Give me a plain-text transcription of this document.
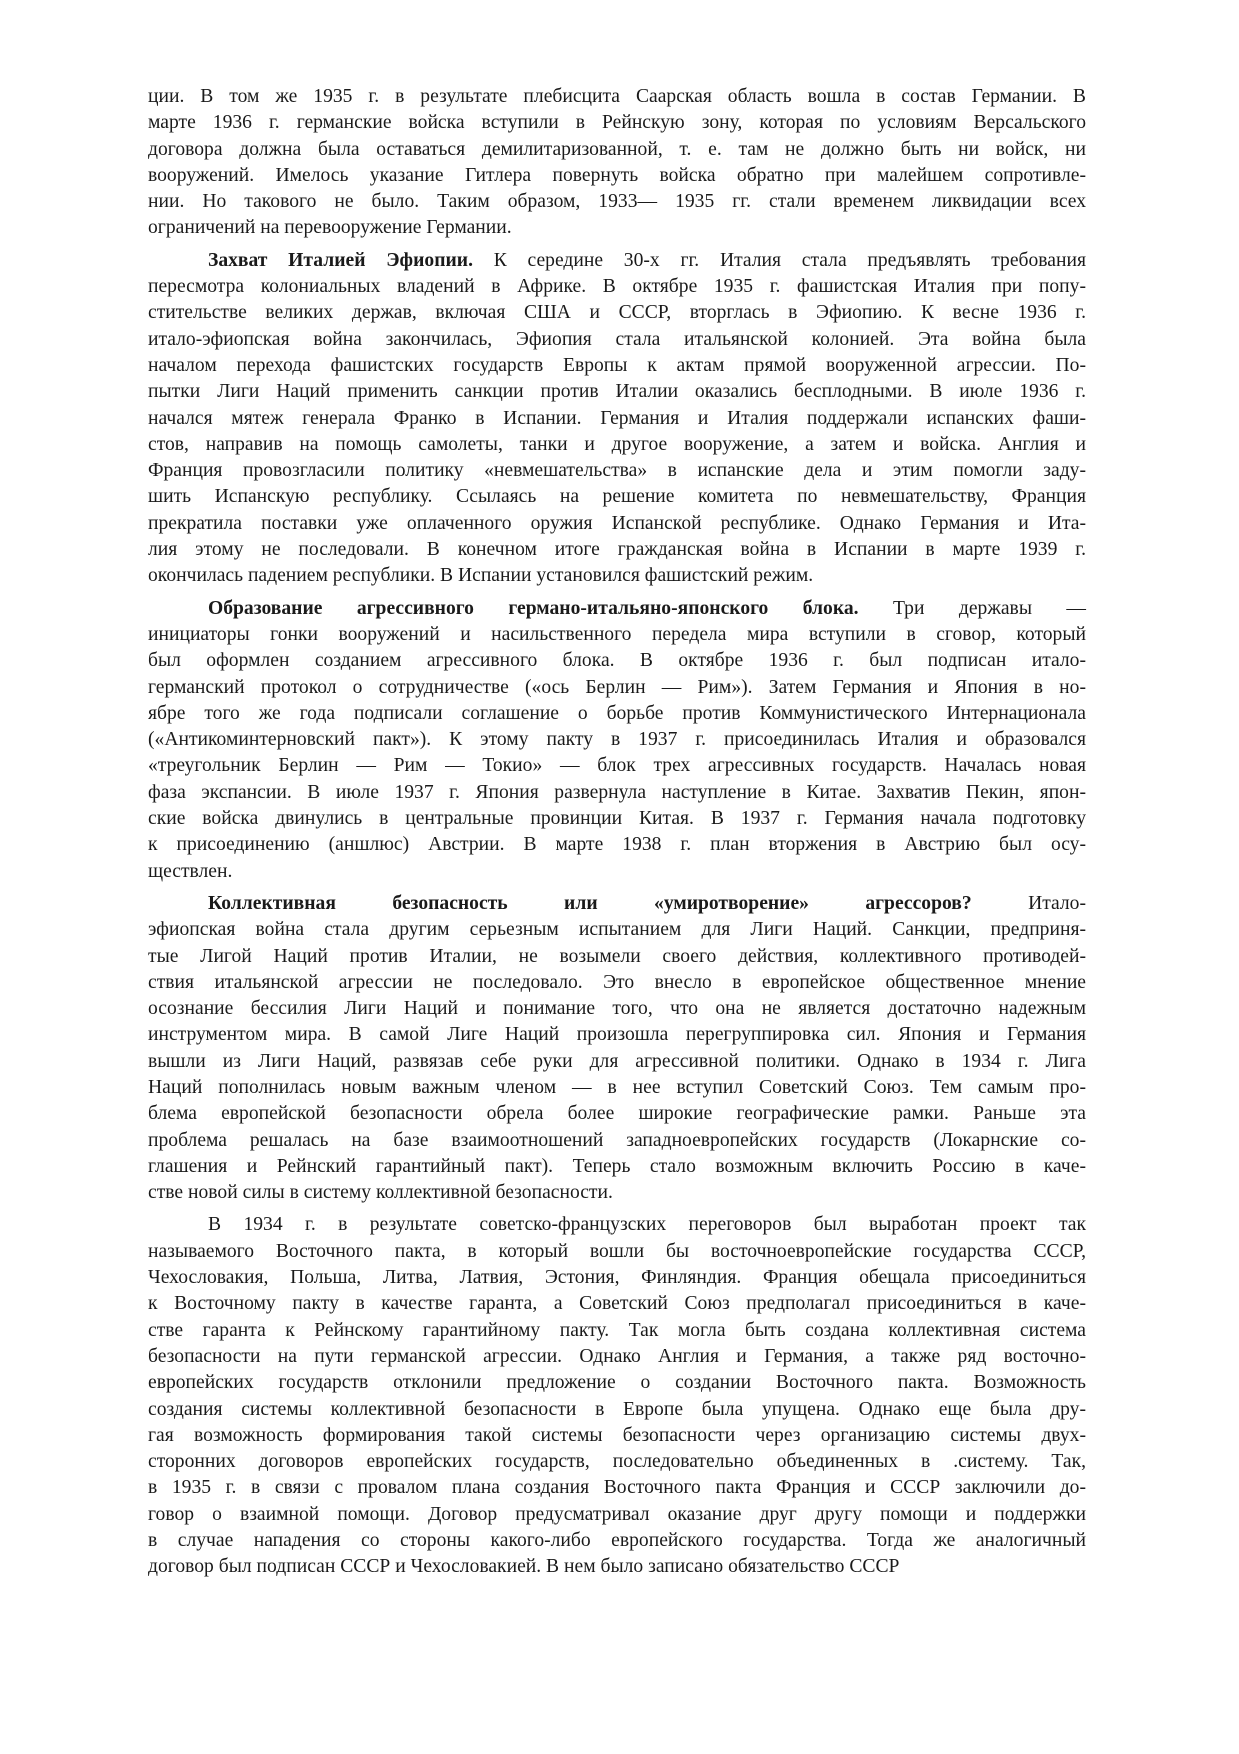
ции. В том же 1935 г. в результате плебисцита Саарская область вошла в состав Германии. В
марте 1936 г. германские войска вступили в Рейнскую зону, которая по условиям Версальского
договора должна была оставаться демилитаризованной, т. е. там не должно быть ни войск, ни
вооружений. Имелось указание Гитлера повернуть войска обратно при малейшем сопротивле-
нии. Но такового не было. Таким образом, 1933— 1935 гг. стали временем ликвидации всех
ограничений на перевооружение Германии.
Захват Италией Эфиопии. К середине 30-х гг. Италия стала предъявлять требования
пересмотра колониальных владений в Африке. В октябре 1935 г. фашистская Италия при попу-
стительстве великих держав, включая США и СССР, вторглась в Эфиопию. К весне 1936 г.
итало-эфиопская война закончилась, Эфиопия стала итальянской колонией. Эта война была
началом перехода фашистских государств Европы к актам прямой вооруженной агрессии. По-
пытки Лиги Наций применить санкции против Италии оказались бесплодными. В июле 1936 г.
начался мятеж генерала Франко в Испании. Германия и Италия поддержали испанских фаши-
стов, направив на помощь самолеты, танки и другое вооружение, а затем и войска. Англия и
Франция провозгласили политику «невмешательства» в испанские дела и этим помогли заду-
шить Испанскую республику. Ссылаясь на решение комитета по невмешательству, Франция
прекратила поставки уже оплаченного оружия Испанской республике. Однако Германия и Ита-
лия этому не последовали. В конечном итоге гражданская война в Испании в марте 1939 г.
окончилась падением республики. В Испании установился фашистский режим.
Образование агрессивного германо-итальяно-японского блока. Три державы —
инициаторы гонки вооружений и насильственного передела мира вступили в сговор, который
был оформлен созданием агрессивного блока. В октябре 1936 г. был подписан итало-
германский протокол о сотрудничестве («ось Берлин — Рим»). Затем Германия и Япония в но-
ябре того же года подписали соглашение о борьбе против Коммунистического Интернационала
(«Антикоминтерновский пакт»). К этому пакту в 1937 г. присоединилась Италия и образовался
«треугольник Берлин — Рим — Токио» — блок трех агрессивных государств. Началась новая
фаза экспансии. В июле 1937 г. Япония развернула наступление в Китае. Захватив Пекин, япон-
ские войска двинулись в центральные провинции Китая. В 1937 г. Германия начала подготовку
к присоединению (аншлюс) Австрии. В марте 1938 г. план вторжения в Австрию был осу-
ществлен.
Коллективная безопасность или «умиротворение» агрессоров? Итало-
эфиопская война стала другим серьезным испытанием для Лиги Наций. Санкции, предприня-
тые Лигой Наций против Италии, не возымели своего действия, коллективного противодей-
ствия итальянской агрессии не последовало. Это внесло в европейское общественное мнение
осознание бессилия Лиги Наций и понимание того, что она не является достаточно надежным
инструментом мира. В самой Лиге Наций произошла перегруппировка сил. Япония и Германия
вышли из Лиги Наций, развязав себе руки для агрессивной политики. Однако в 1934 г. Лига
Наций пополнилась новым важным членом — в нее вступил Советский Союз. Тем самым про-
блема европейской безопасности обрела более широкие географические рамки. Раньше эта
проблема решалась на базе взаимоотношений западноевропейских государств (Локарнские со-
глашения и Рейнский гарантийный пакт). Теперь стало возможным включить Россию в каче-
стве новой силы в систему коллективной безопасности.
В 1934 г. в результате советско-французских переговоров был выработан проект так
называемого Восточного пакта, в который вошли бы восточноевропейские государства СССР,
Чехословакия, Польша, Литва, Латвия, Эстония, Финляндия. Франция обещала присоединиться
к Восточному пакту в качестве гаранта, а Советский Союз предполагал присоединиться в каче-
стве гаранта к Рейнскому гарантийному пакту. Так могла быть создана коллективная система
безопасности на пути германской агрессии. Однако Англия и Германия, а также ряд восточно-
европейских государств отклонили предложение о создании Восточного пакта. Возможность
создания системы коллективной безопасности в Европе была упущена. Однако еще была дру-
гая возможность формирования такой системы безопасности через организацию системы двух-
сторонних договоров европейских государств, последовательно объединенных в .систему. Так,
в 1935 г. в связи с провалом плана создания Восточного пакта Франция и СССР заключили до-
говор о взаимной помощи. Договор предусматривал оказание друг другу помощи и поддержки
в случае нападения со стороны какого-либо европейского государства. Тогда же аналогичный
договор был подписан СССР и Чехословакией. В нем было записано обязательство СССР
